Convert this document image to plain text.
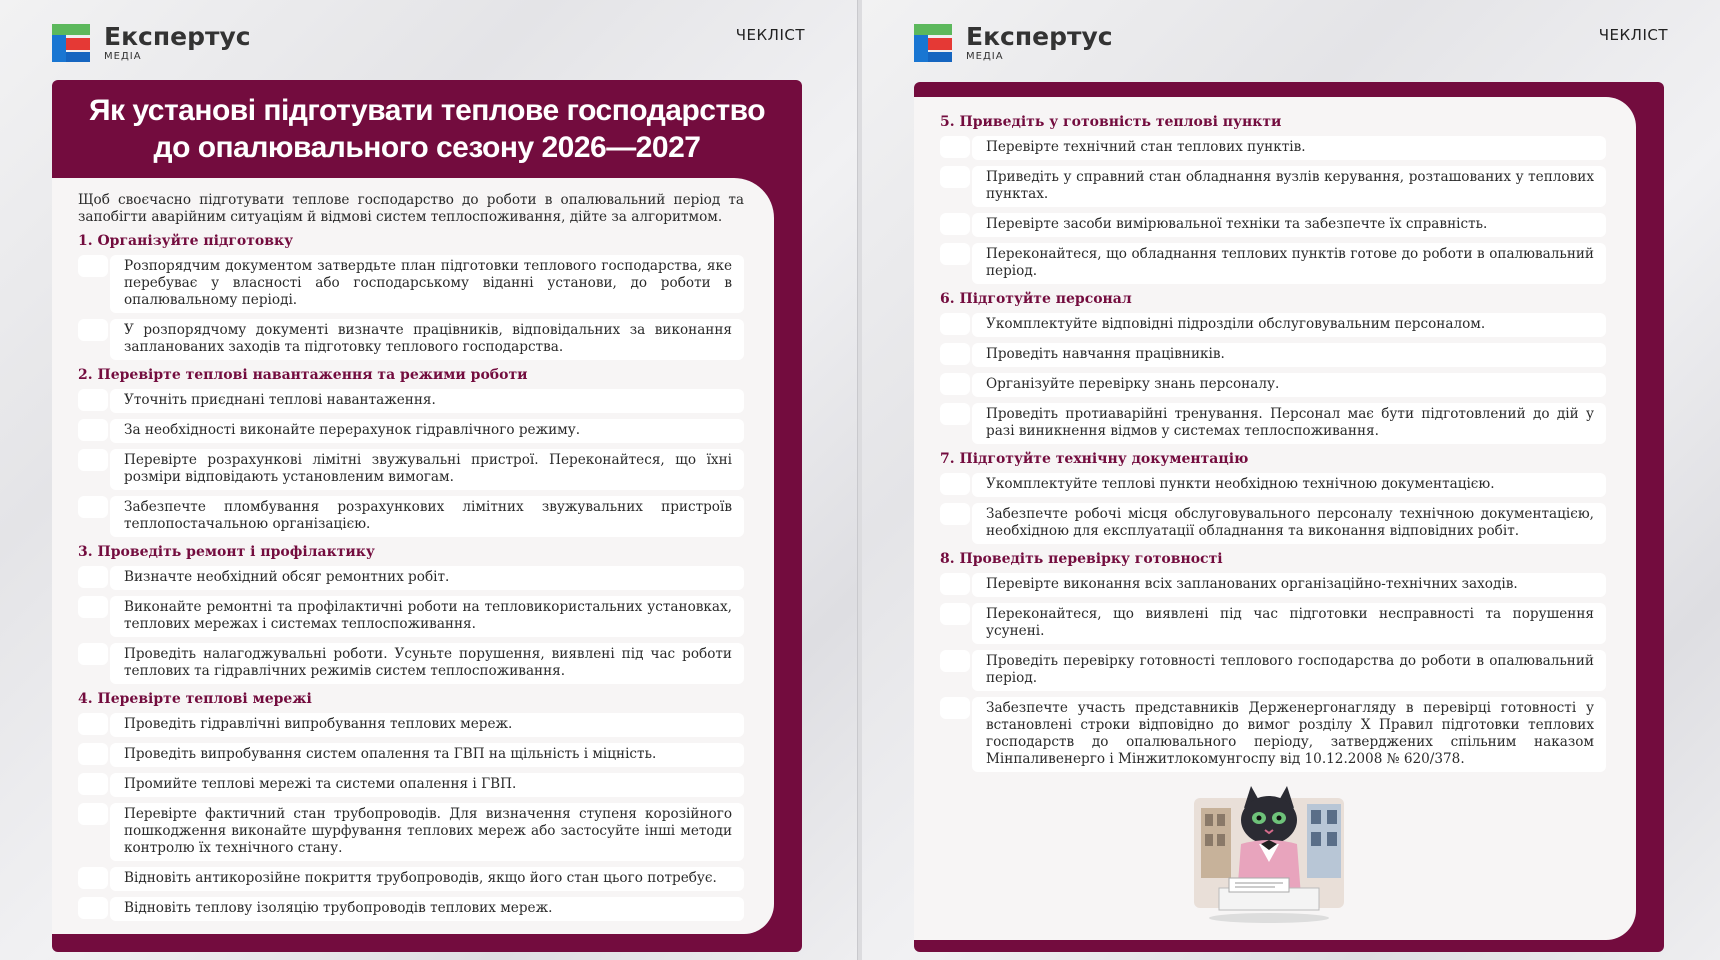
Експертус
МЕДІА
ЧЕКЛІСТ
Як установі підготувати теплове господарство
до опалювального сезону 2026—2027
Щоб своєчасно підготувати теплове господарство до роботи в опалювальний період та запобігти аварійним ситуаціям й відмові систем теплоспоживання, дійте за алгоритмом.
1. Організуйте підготовку
Розпорядчим документом затвердьте план підготовки теплового господарства, яке перебуває у власності або господарському віданні установи, до роботи в опалювальному періоді.
У розпорядчому документі визначте працівників, відповідальних за виконання запланованих заходів та підготовку теплового господарства.
2. Перевірте теплові навантаження та режими роботи
Уточніть приєднані теплові навантаження.
За необхідності виконайте перерахунок гідравлічного режиму.
Перевірте розрахункові лімітні звужувальні пристрої. Переконайтеся, що їхні розміри відповідають установленим вимогам.
Забезпечте пломбування розрахункових лімітних звужувальних пристроїв теплопостачальною організацією.
3. Проведіть ремонт і профілактику
Визначте необхідний обсяг ремонтних робіт.
Виконайте ремонтні та профілактичні роботи на тепловикористальних установках, теплових мережах і системах теплоспоживання.
Проведіть налагоджувальні роботи. Усуньте порушення, виявлені під час роботи теплових та гідравлічних режимів систем теплоспоживання.
4. Перевірте теплові мережі
Проведіть гідравлічні випробування теплових мереж.
Проведіть випробування систем опалення та ГВП на щільність і міцність.
Промийте теплові мережі та системи опалення і ГВП.
Перевірте фактичний стан трубопроводів. Для визначення ступеня корозійного пошкодження виконайте шурфування теплових мереж або застосуйте інші методи контролю їх технічного стану.
Відновіть антикорозійне покриття трубопроводів, якщо його стан цього потребує.
Відновіть теплову ізоляцію трубопроводів теплових мереж.
Експертус
МЕДІА
ЧЕКЛІСТ
5. Приведіть у готовність теплові пункти
Перевірте технічний стан теплових пунктів.
Приведіть у справний стан обладнання вузлів керування, розташованих у теплових пунктах.
Перевірте засоби вимірювальної техніки та забезпечте їх справність.
Переконайтеся, що обладнання теплових пунктів готове до роботи в опалювальний період.
6. Підготуйте персонал
Укомплектуйте відповідні підрозділи обслуговувальним персоналом.
Проведіть навчання працівників.
Організуйте перевірку знань персоналу.
Проведіть протиаварійні тренування. Персонал має бути підготовлений до дій у разі виникнення відмов у системах теплоспоживання.
7. Підготуйте технічну документацію
Укомплектуйте теплові пункти необхідною технічною документацією.
Забезпечте робочі місця обслуговувального персоналу технічною документацією, необхідною для експлуатації обладнання та виконання відповідних робіт.
8. Проведіть перевірку готовності
Перевірте виконання всіх запланованих організаційно-технічних заходів.
Переконайтеся, що виявлені під час підготовки несправності та порушення усунені.
Проведіть перевірку готовності теплового господарства до роботи в опалювальний період.
Забезпечте участь представників Держенергонагляду в перевірці готовності у встановлені строки відповідно до вимог розділу X Правил підготовки теплових господарств до опалювального періоду, затверджених спільним наказом Мінпаливенерго і Мінжитлокомунгоспу від 10.12.2008 № 620/378.
